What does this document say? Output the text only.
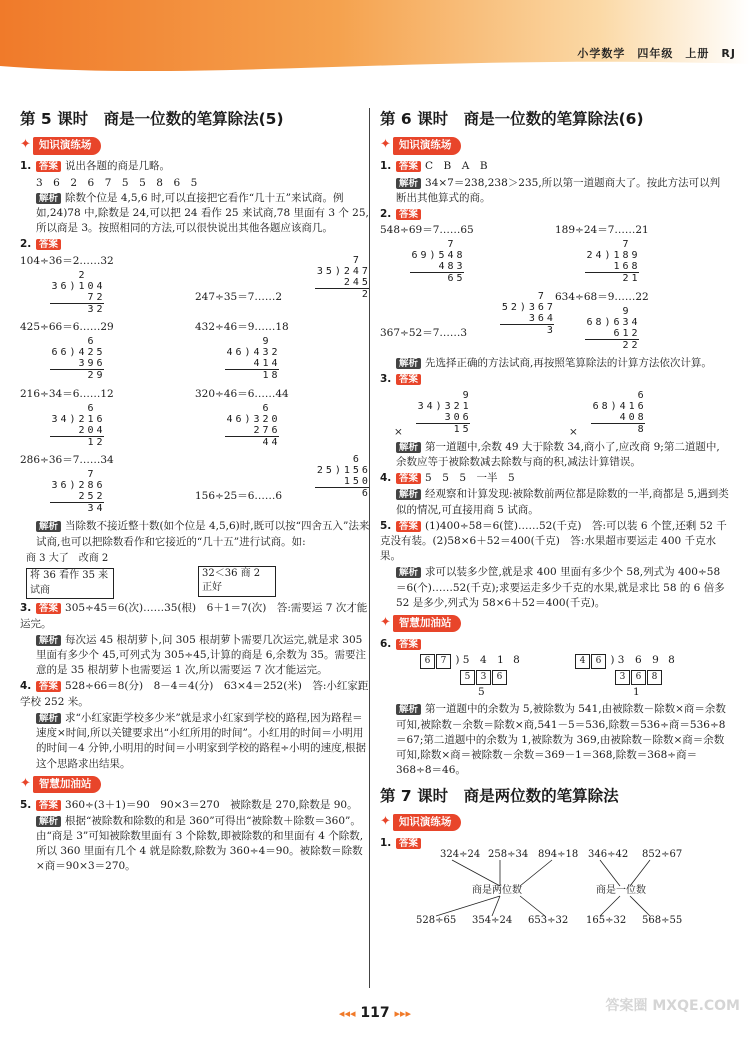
小学数学　 四年级　 上册　 RJ
第 5 课时　商是一位数的笔算除法(5)
✦ 知识演练场
1. 答案 说出各题的商是几略。
3　6　2　6　7　5　5　8　6　5
解析 除数个位是 4,5,6 时,可以直接把它看作“几十五”来试商。例如,24)78 中,除数是 24,可以把 24 看作 25 来试商,78 里面有 3 个 25,所以商是 3。按照相同的方法,可以很快说出其他各题应该商几。
2. 答案
104÷36＝2……32
2
3 6 ) 1 0 4
7 2
3 2
247÷35＝7……2
7
3 5 ) 2 4 7
2 4 5
2
425÷66＝6……29
6
6 6 ) 4 2 5
3 9 6
2 9
432÷46＝9……18
9
4 6 ) 4 3 2
4 1 4
1 8
216÷34＝6……12
6
3 4 ) 2 1 6
2 0 4
1 2
320÷46＝6……44
6
4 6 ) 3 2 0
2 7 6
4 4
286÷36＝7……34
7
3 6 ) 2 8 6
2 5 2
3 4
156÷25＝6……6
6
2 5 ) 1 5 6
1 5 0
6
解析 当除数不接近整十数(如个位是 4,5,6)时,既可以按“四舍五入”法来试商,也可以把除数看作和它接近的“几十五”进行试商。如:
商 3 大了　 改商 2 将 36 看作 35 来试商
32＜36 商 2 正好
3. 答案 305÷45＝6(次)……35(根)　6＋1＝7(次)　答:需要运 7 次才能运完。
解析 每次运 45 根胡萝卜,问 305 根胡萝卜需要几次运完,就是求 305 里面有多少个 45,可列式为 305÷45,计算的商是 6,余数为 35。需要注意的是 35 根胡萝卜也需要运 1 次,所以需要运 7 次才能运完。
4. 答案 528÷66＝8(分)　8－4＝4(分)　63×4＝252(米)　答:小红家距学校 252 米。
解析 求“小红家距学校多少米”就是求小红家到学校的路程,因为路程＝速度×时间,所以关键要求出“小红所用的时间”。小红用的时间＝小明用的时间－4 分钟,小明用的时间＝小明家到学校的路程÷小明的速度,根据这个思路求出结果。
✦ 智慧加油站
5. 答案 360÷(3＋1)＝90　90×3＝270　被除数是 270,除数是 90。
解析 根据“被除数和除数的和是 360”可得出“被除数＋除数＝360”。由“商是 3”可知被除数里面有 3 个除数,即被除数的和里面有 4 个除数,所以 360 里面有几个 4 就是除数,除数为 360÷4＝90。被除数＝除数×商＝90×3＝270。
第 6 课时　商是一位数的笔算除法(6)
✦ 知识演练场
1. 答案 C　B　A　B
解析 34×7＝238,238＞235,所以第一道题商大了。按此方法可以判断出其他算式的商。
2. 答案
548÷69＝7……65
7
6 9 ) 5 4 8
4 8 3
6 5
189÷24＝7……21
7
2 4 ) 1 8 9
1 6 8
2 1
367÷52＝7……3
7
5 2 ) 3 6 7
3 6 4
3
634÷68＝9……22
9
6 8 ) 6 3 4
6 1 2
2 2
解析 先选择正确的方法试商,再按照笔算除法的计算方法依次计算。
3. 答案
×
9
3 4 ) 3 2 1
3 0 6
1 5	×
6
6 8 ) 4 1 6
4 0 8
8
解析 第一道题中,余数 49 大于除数 34,商小了,应改商 9;第二道题中,余数应等于被除数减去除数与商的积,减法计算错误。
4. 答案 5　5　5　一半　5
解析 经观察和计算发现:被除数前两位都是除数的一半,商都是 5,遇到类似的情况,可直接用商 5 试商。
5. 答案 (1)400÷58＝6(筐)……52(千克)　答:可以装 6 个筐,还剩 52 千克没有装。(2)58×6＋52＝400(千克)　答:水果超市要运走 400 千克水果。
解析 求可以装多少筐,就是求 400 里面有多少个 58,列式为 400÷58＝6(个)……52(千克);求要运走多少千克的水果,就是求比 58 的 6 倍多 52 是多少,列式为 58×6＋52＝400(千克)。
✦ 智慧加油站
6. 答案
6 7 ) 5　4　1 8
5 3 6
5
4 6 ) 3　6　9 8
3 6 8
1
解析 第一道题中的余数为 5,被除数为 541,由被除数－除数×商＝余数可知,被除数－余数＝除数×商,541－5＝536,除数＝536÷商＝536÷8＝67;第二道题中的余数为 1,被除数为 369,由被除数－除数×商＝余数可知,除数×商＝被除数－余数＝369－1＝368,除数＝368÷商＝368÷8＝46。
第 7 课时　商是两位数的笔算除法
✦ 知识演练场
1. 答案
324÷24 258÷34 894÷18 346÷42 852÷67
商是两位数	商是一位数
528÷65 354÷24 653÷32 165÷32 568÷55
◂◂◂ 117 ▸▸▸	答案圈 MXQE.COM
